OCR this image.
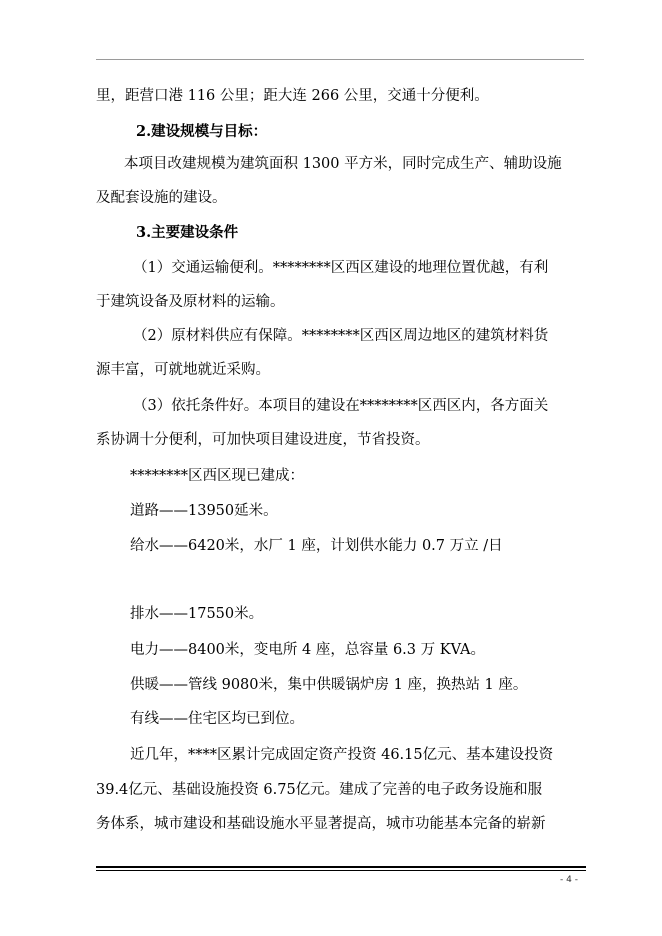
里，距营口港 116 公里；距大连 266 公里，交通十分便利。
2.建设规模与目标：
本项目改建规模为建筑面积 1300 平方米，同时完成生产、辅助设施
及配套设施的建设。
3.主要建设条件
（1）交通运输便利。********区西区建设的地理位置优越，有利
于建筑设备及原材料的运输。
（2）原材料供应有保障。********区西区周边地区的建筑材料货
源丰富，可就地就近采购。
（3）依托条件好。本项目的建设在********区西区内，各方面关
系协调十分便利，可加快项目建设进度，节省投资。
********区西区现已建成：
道路——13950延米。
给水——6420米，水厂 1 座，计划供水能力 0.7 万立 /日
排水——17550米。
电力——8400米，变电所 4 座，总容量 6.3 万 KVA。
供暖——管线 9080米，集中供暖锅炉房 1 座，换热站 1 座。
有线——住宅区均已到位。
近几年，****区累计完成固定资产投资 46.15亿元、基本建设投资
39.4亿元、基础设施投资 6.75亿元。建成了完善的电子政务设施和服
务体系，城市建设和基础设施水平显著提高，城市功能基本完备的崭新
- 4 -
